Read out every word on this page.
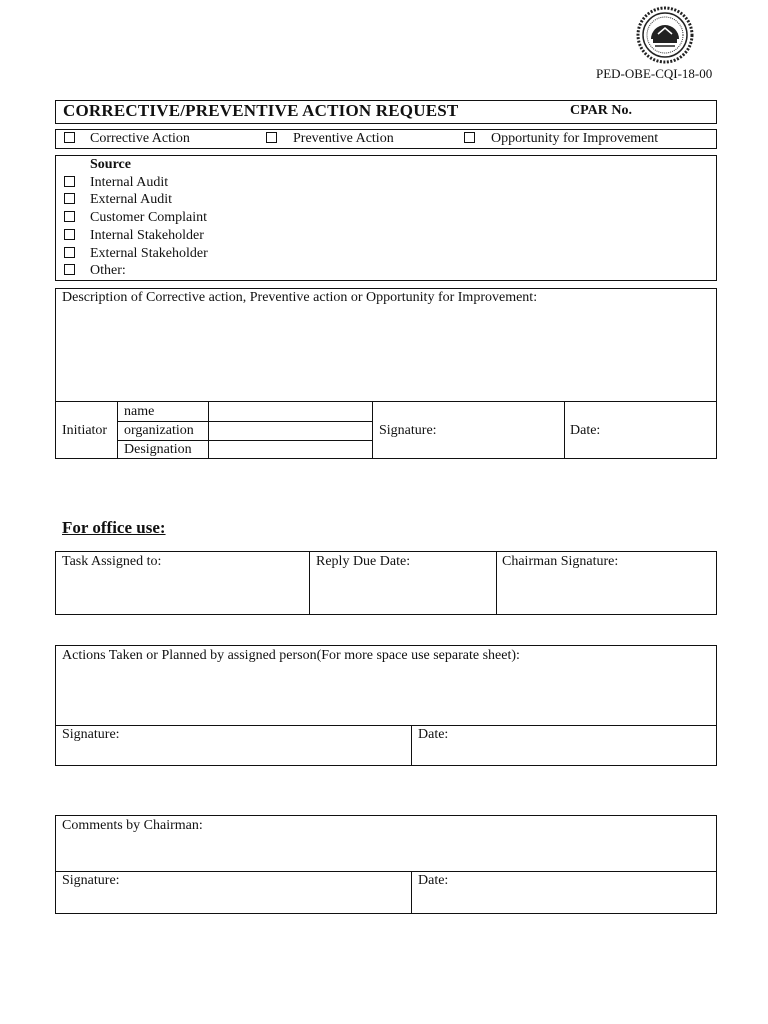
PED-OBE-CQI-18-00
CORRECTIVE/PREVENTIVE ACTION REQUEST	CPAR No.
Corrective Action	Preventive Action	Opportunity for Improvement
Source
Internal Audit
External Audit
Customer Complaint
Internal Stakeholder
External Stakeholder
Other:
Description of Corrective action, Preventive action or Opportunity for Improvement:
Initiator
name
organization
Designation
Signature:	Date:
For office use:
Task Assigned to:	Reply Due Date:	Chairman Signature:
Actions Taken or Planned by assigned person(For more space use separate sheet):
Signature:	Date:
Comments by Chairman:
Signature:	Date:
